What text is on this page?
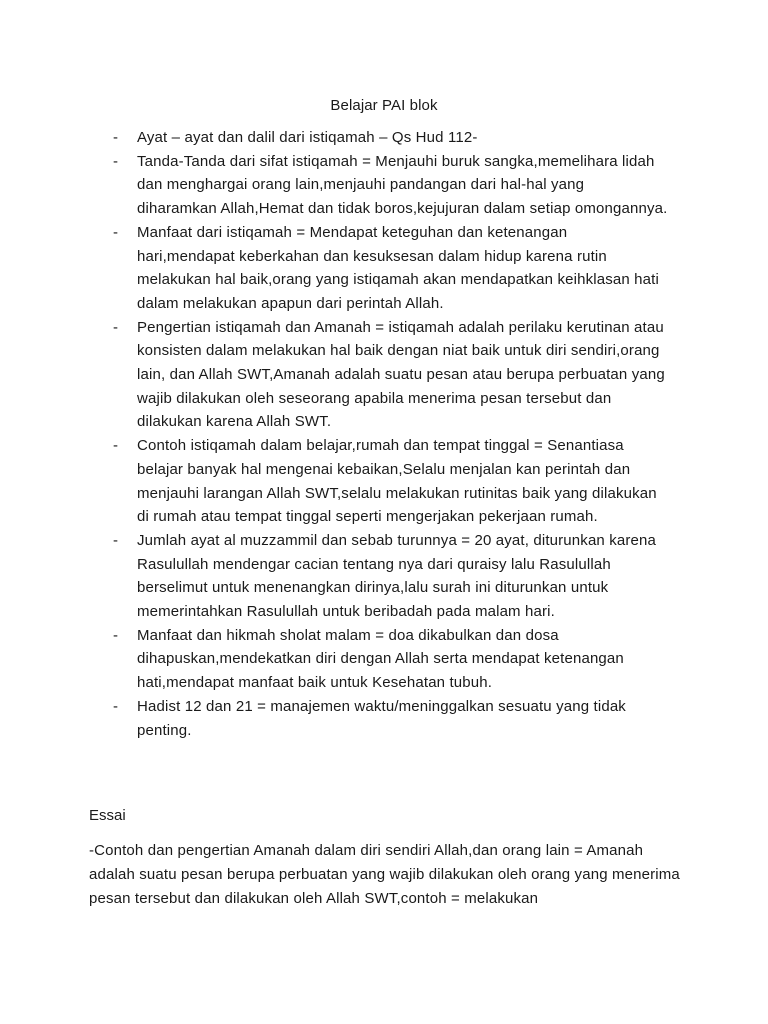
Belajar PAI blok
- Ayat – ayat dan dalil dari istiqamah – Qs Hud 112-
- Tanda-Tanda dari sifat istiqamah = Menjauhi buruk sangka,memelihara lidah dan menghargai orang lain,menjauhi pandangan dari hal-hal yang diharamkan Allah,Hemat dan tidak boros,kejujuran dalam setiap omongannya.
- Manfaat dari istiqamah = Mendapat keteguhan dan ketenangan hari,mendapat keberkahan dan kesuksesan dalam hidup karena rutin melakukan hal baik,orang yang istiqamah akan mendapatkan keihklasan hati dalam melakukan apapun dari perintah Allah.
- Pengertian istiqamah dan Amanah = istiqamah adalah perilaku kerutinan atau konsisten dalam melakukan hal baik dengan niat baik untuk diri sendiri,orang lain, dan Allah SWT,Amanah adalah suatu pesan atau berupa perbuatan yang wajib dilakukan oleh seseorang apabila menerima pesan tersebut dan dilakukan karena Allah SWT.
- Contoh istiqamah dalam belajar,rumah dan tempat tinggal = Senantiasa belajar banyak hal mengenai kebaikan,Selalu menjalan kan perintah dan menjauhi larangan Allah SWT,selalu melakukan rutinitas baik yang dilakukan di rumah atau tempat tinggal seperti mengerjakan pekerjaan rumah.
- Jumlah ayat al muzzammil dan sebab turunnya = 20 ayat, diturunkan karena Rasulullah mendengar cacian tentang nya dari quraisy lalu Rasulullah berselimut untuk menenangkan dirinya,lalu surah ini diturunkan untuk memerintahkan Rasulullah untuk beribadah pada malam hari.
- Manfaat dan hikmah sholat malam = doa dikabulkan dan dosa dihapuskan,mendekatkan diri dengan Allah serta mendapat ketenangan hati,mendapat manfaat baik untuk Kesehatan tubuh.
- Hadist 12 dan 21 = manajemen waktu/meninggalkan sesuatu yang tidak penting.
Essai

-Contoh dan pengertian Amanah dalam diri sendiri Allah,dan orang lain = Amanah adalah suatu pesan berupa perbuatan yang wajib dilakukan oleh orang yang menerima pesan tersebut dan dilakukan oleh Allah SWT,contoh = melakukan
